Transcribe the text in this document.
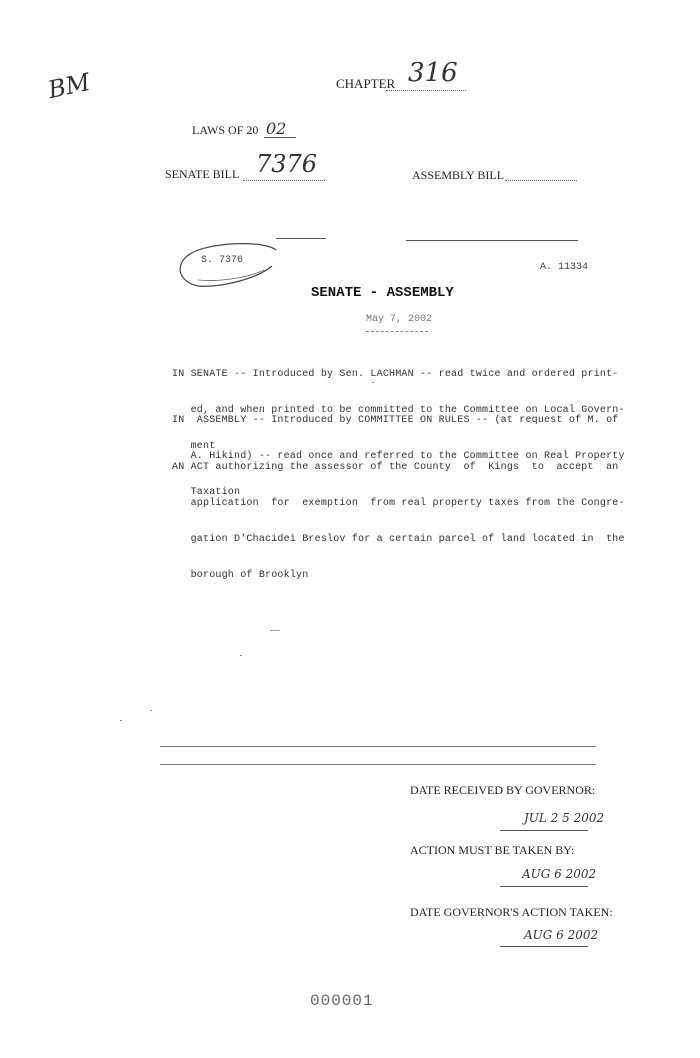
BM	CHAPTER 316
LAWS OF 20 02
SENATE BILL 7376	ASSEMBLY BILL
S. 7376
A. 11334
SENATE - ASSEMBLY
May 7, 2002

IN SENATE -- Introduced by Sen. LACHMAN -- read twice and ordered print-

ed, and when printed to be committed to the Committee on Local Govern-

ment

IN  ASSEMBLY -- Introduced by COMMITTEE ON RULES -- (at request of M. of

A. Hikind) -- read once and referred to the Committee on Real Property

Taxation

AN ACT authorizing the assessor of the County  of  Kings  to  accept  an

application  for  exemption  from real property taxes from the Congre-

gation D'Chacidei Breslov for a certain parcel of land located in  the

borough of Brooklyn

DATE RECEIVED BY GOVERNOR:
JUL 2 5 2002
ACTION MUST BE TAKEN BY:
AUG 6 2002
DATE GOVERNOR'S ACTION TAKEN:
AUG 6 2002
000001
